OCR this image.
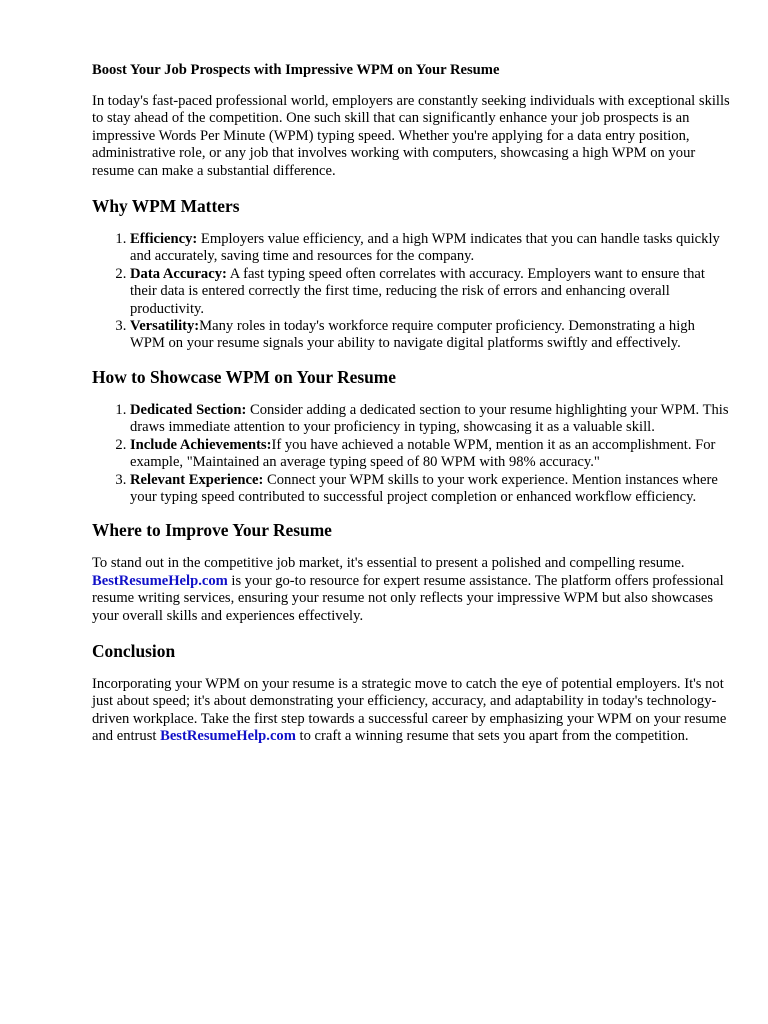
Boost Your Job Prospects with Impressive WPM on Your Resume

In today's fast-paced professional world, employers are constantly seeking individuals with exceptional skills to stay ahead of the competition. One such skill that can significantly enhance your job prospects is an impressive Words Per Minute (WPM) typing speed. Whether you're applying for a data entry position, administrative role, or any job that involves working with computers, showcasing a high WPM on your resume can make a substantial difference.

Why WPM Matters
1. Efficiency: Employers value efficiency, and a high WPM indicates that you can handle tasks quickly and accurately, saving time and resources for the company.
2. Data Accuracy: A fast typing speed often correlates with accuracy. Employers want to ensure that their data is entered correctly the first time, reducing the risk of errors and enhancing overall productivity.
3. Versatility:Many roles in today's workforce require computer proficiency. Demonstrating a high WPM on your resume signals your ability to navigate digital platforms swiftly and effectively.
How to Showcase WPM on Your Resume
1. Dedicated Section: Consider adding a dedicated section to your resume highlighting your WPM. This draws immediate attention to your proficiency in typing, showcasing it as a valuable skill.
2. Include Achievements:If you have achieved a notable WPM, mention it as an accomplishment. For example, "Maintained an average typing speed of 80 WPM with 98% accuracy."
3. Relevant Experience: Connect your WPM skills to your work experience. Mention instances where your typing speed contributed to successful project completion or enhanced workflow efficiency.
Where to Improve Your Resume

To stand out in the competitive job market, it's essential to present a polished and compelling resume. BestResumeHelp.com is your go-to resource for expert resume assistance. The platform offers professional resume writing services, ensuring your resume not only reflects your impressive WPM but also showcases your overall skills and experiences effectively.

Conclusion

Incorporating your WPM on your resume is a strategic move to catch the eye of potential employers. It's not just about speed; it's about demonstrating your efficiency, accuracy, and adaptability in today's technology-driven workplace. Take the first step towards a successful career by emphasizing your WPM on your resume and entrust BestResumeHelp.com to craft a winning resume that sets you apart from the competition.
